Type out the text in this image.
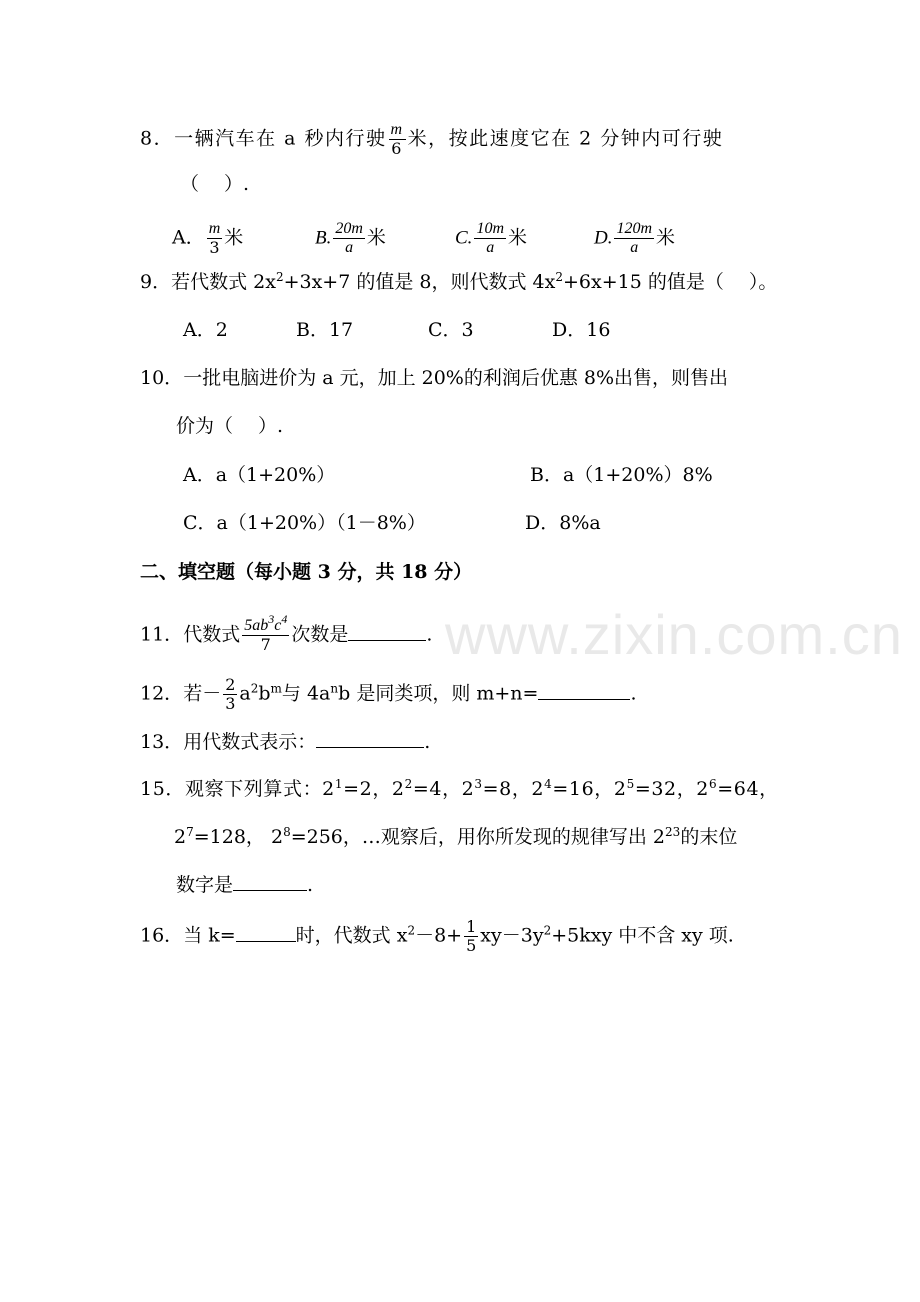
www.zixin.com.cn
8．一辆汽车在 a 秒内行驶 $\frac{m}{6}$ 米，按此速度它在 2 分钟内可行驶
（　 ）.
A． $\frac{m}{3}$ 米	B. $\frac{20m}{a}$ 米	C. $\frac{10m}{a}$ 米	D. $\frac{120m}{a}$ 米
9．若代数式 $2x^2+3x+7$ 的值是 8，则代数式 $4x^2+6x+15$ 的值是（　 ）。
A．2	B．17	C．3	D．16
10．一批电脑进价为 a 元，加上 20%的利润后优惠 8%出售，则售出
价为（　 ）.
A．a（1+20%）	B．a（1+20%）8%
C．a（1+20%）（1－8%）	D．8%a
二、填空题（每小题 3 分，共 18 分）
11．代数式 $\frac{5ab^3c^4}{7}$ 次数是	.
12．若－ $\frac{2}{3} a^2b^m$与 $4a^nb$ 是同类项，则 m+n=	.
13．用代数式表示：	.
15．观察下列算式：$2^1=2$，$2^2=4$，$2^3=8$，$2^4=16$，$2^5=32$，$2^6=64$，
$2^7=128$， $2^8=256$，…观察后，用你所发现的规律写出 $2^{23}$的末位
数字是	.
16．当 k=	时，代数式 $x^2-8+ \frac{1}{5} xy-3y^2+5kxy$ 中不含 xy 项.
